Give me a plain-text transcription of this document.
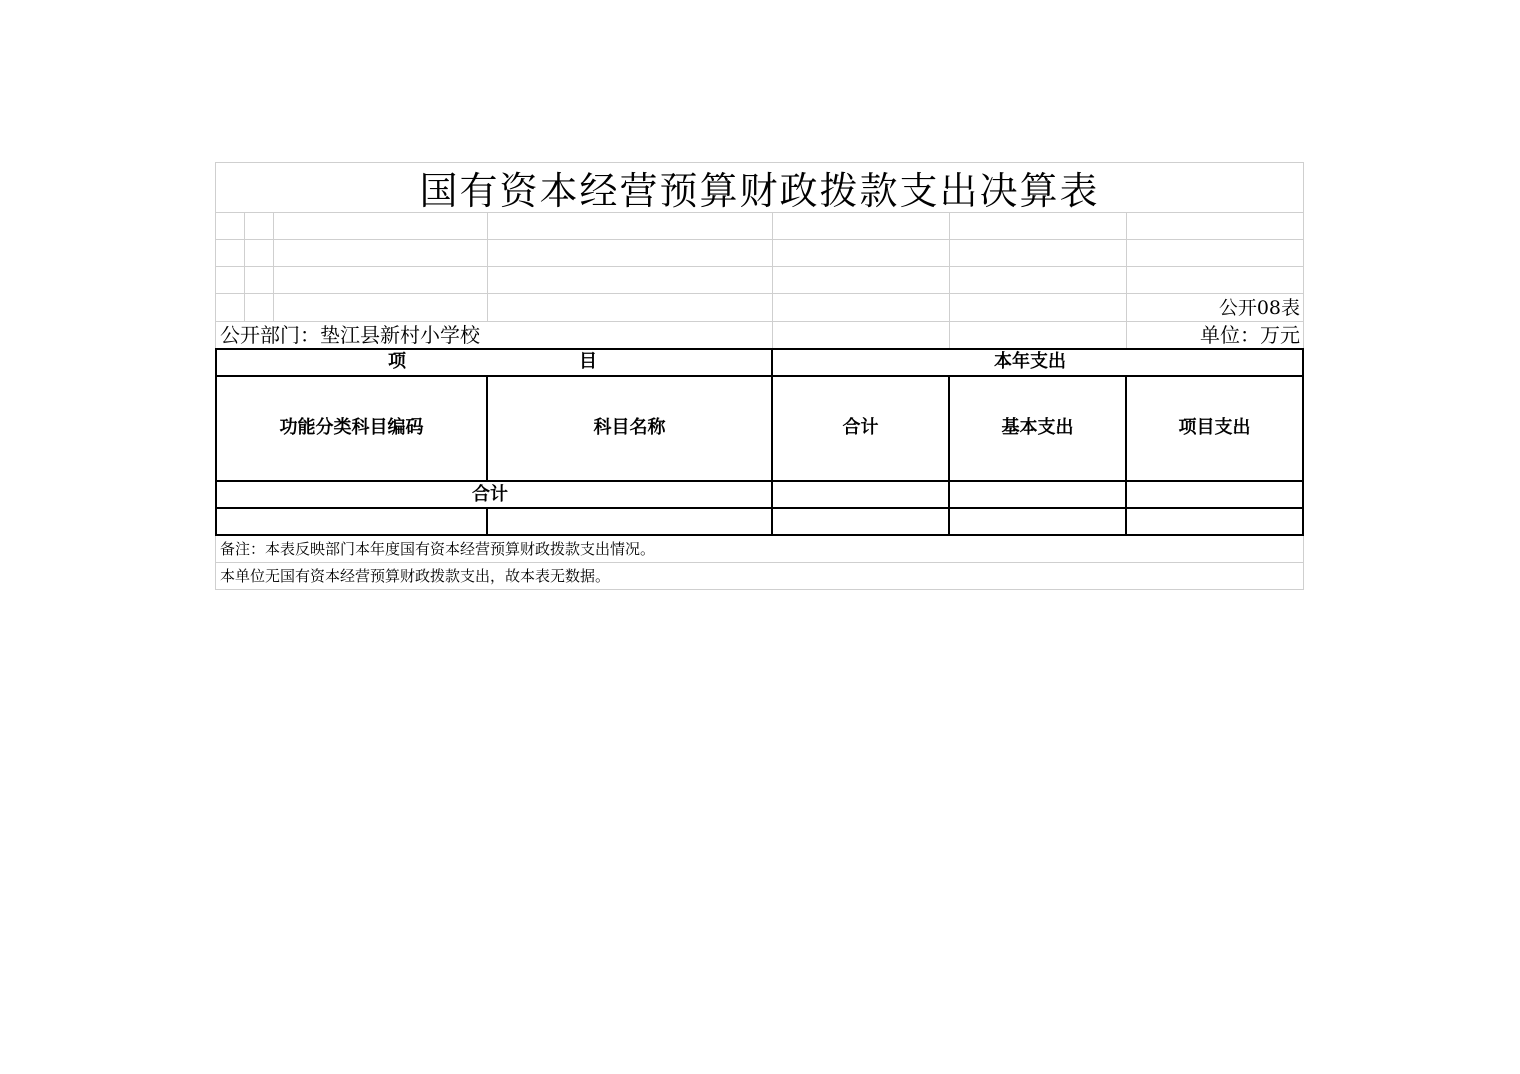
国有资本经营预算财政拨款支出决算表
公开08表
公开部门：垫江县新村小学校	单位：万元
项	目	本年支出
功能分类科目编码	科目名称	合计	基本支出	项目支出
合计
备注：本表反映部门本年度国有资本经营预算财政拨款支出情况。
本单位无国有资本经营预算财政拨款支出，故本表无数据。
